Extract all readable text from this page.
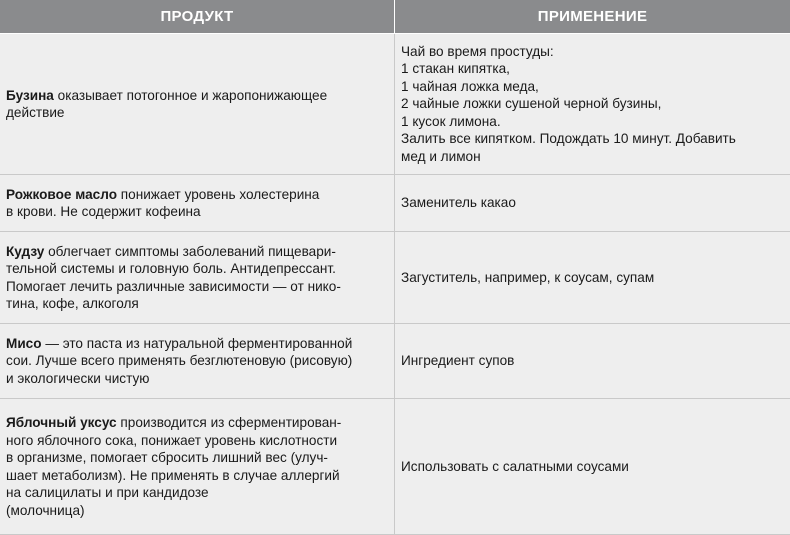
ПРОДУКТ	ПРИМЕНЕНИЕ
Бузина оказывает потогонное и жаропонижающее
действие
Чай во время простуды:
1 стакан кипятка,
1 чайная ложка меда,
2 чайные ложки сушеной черной бузины,
1 кусок лимона.
Залить все кипятком. Подождать 10 минут. Добавить
мед и лимон
Рожковое масло понижает уровень холестерина
в крови. Не содержит кофеина
Заменитель какао
Кудзу облегчает симптомы заболеваний пищевари-
тельной системы и головную боль. Антидепрессант.
Помогает лечить различные зависимости — от нико-
тина, кофе, алкоголя
Загуститель, например, к соусам, супам
Мисо — это паста из натуральной ферментированной
сои. Лучше всего применять безглютеновую (рисовую)
и экологически чистую
Ингредиент супов
Яблочный уксус производится из сферментирован-
ного яблочного сока, понижает уровень кислотности
в организме, помогает сбросить лишний вес (улуч-
шает метаболизм). Не применять в случае аллергий
на салицилаты и при кандидозе
(молочница)
Использовать с салатными соусами
